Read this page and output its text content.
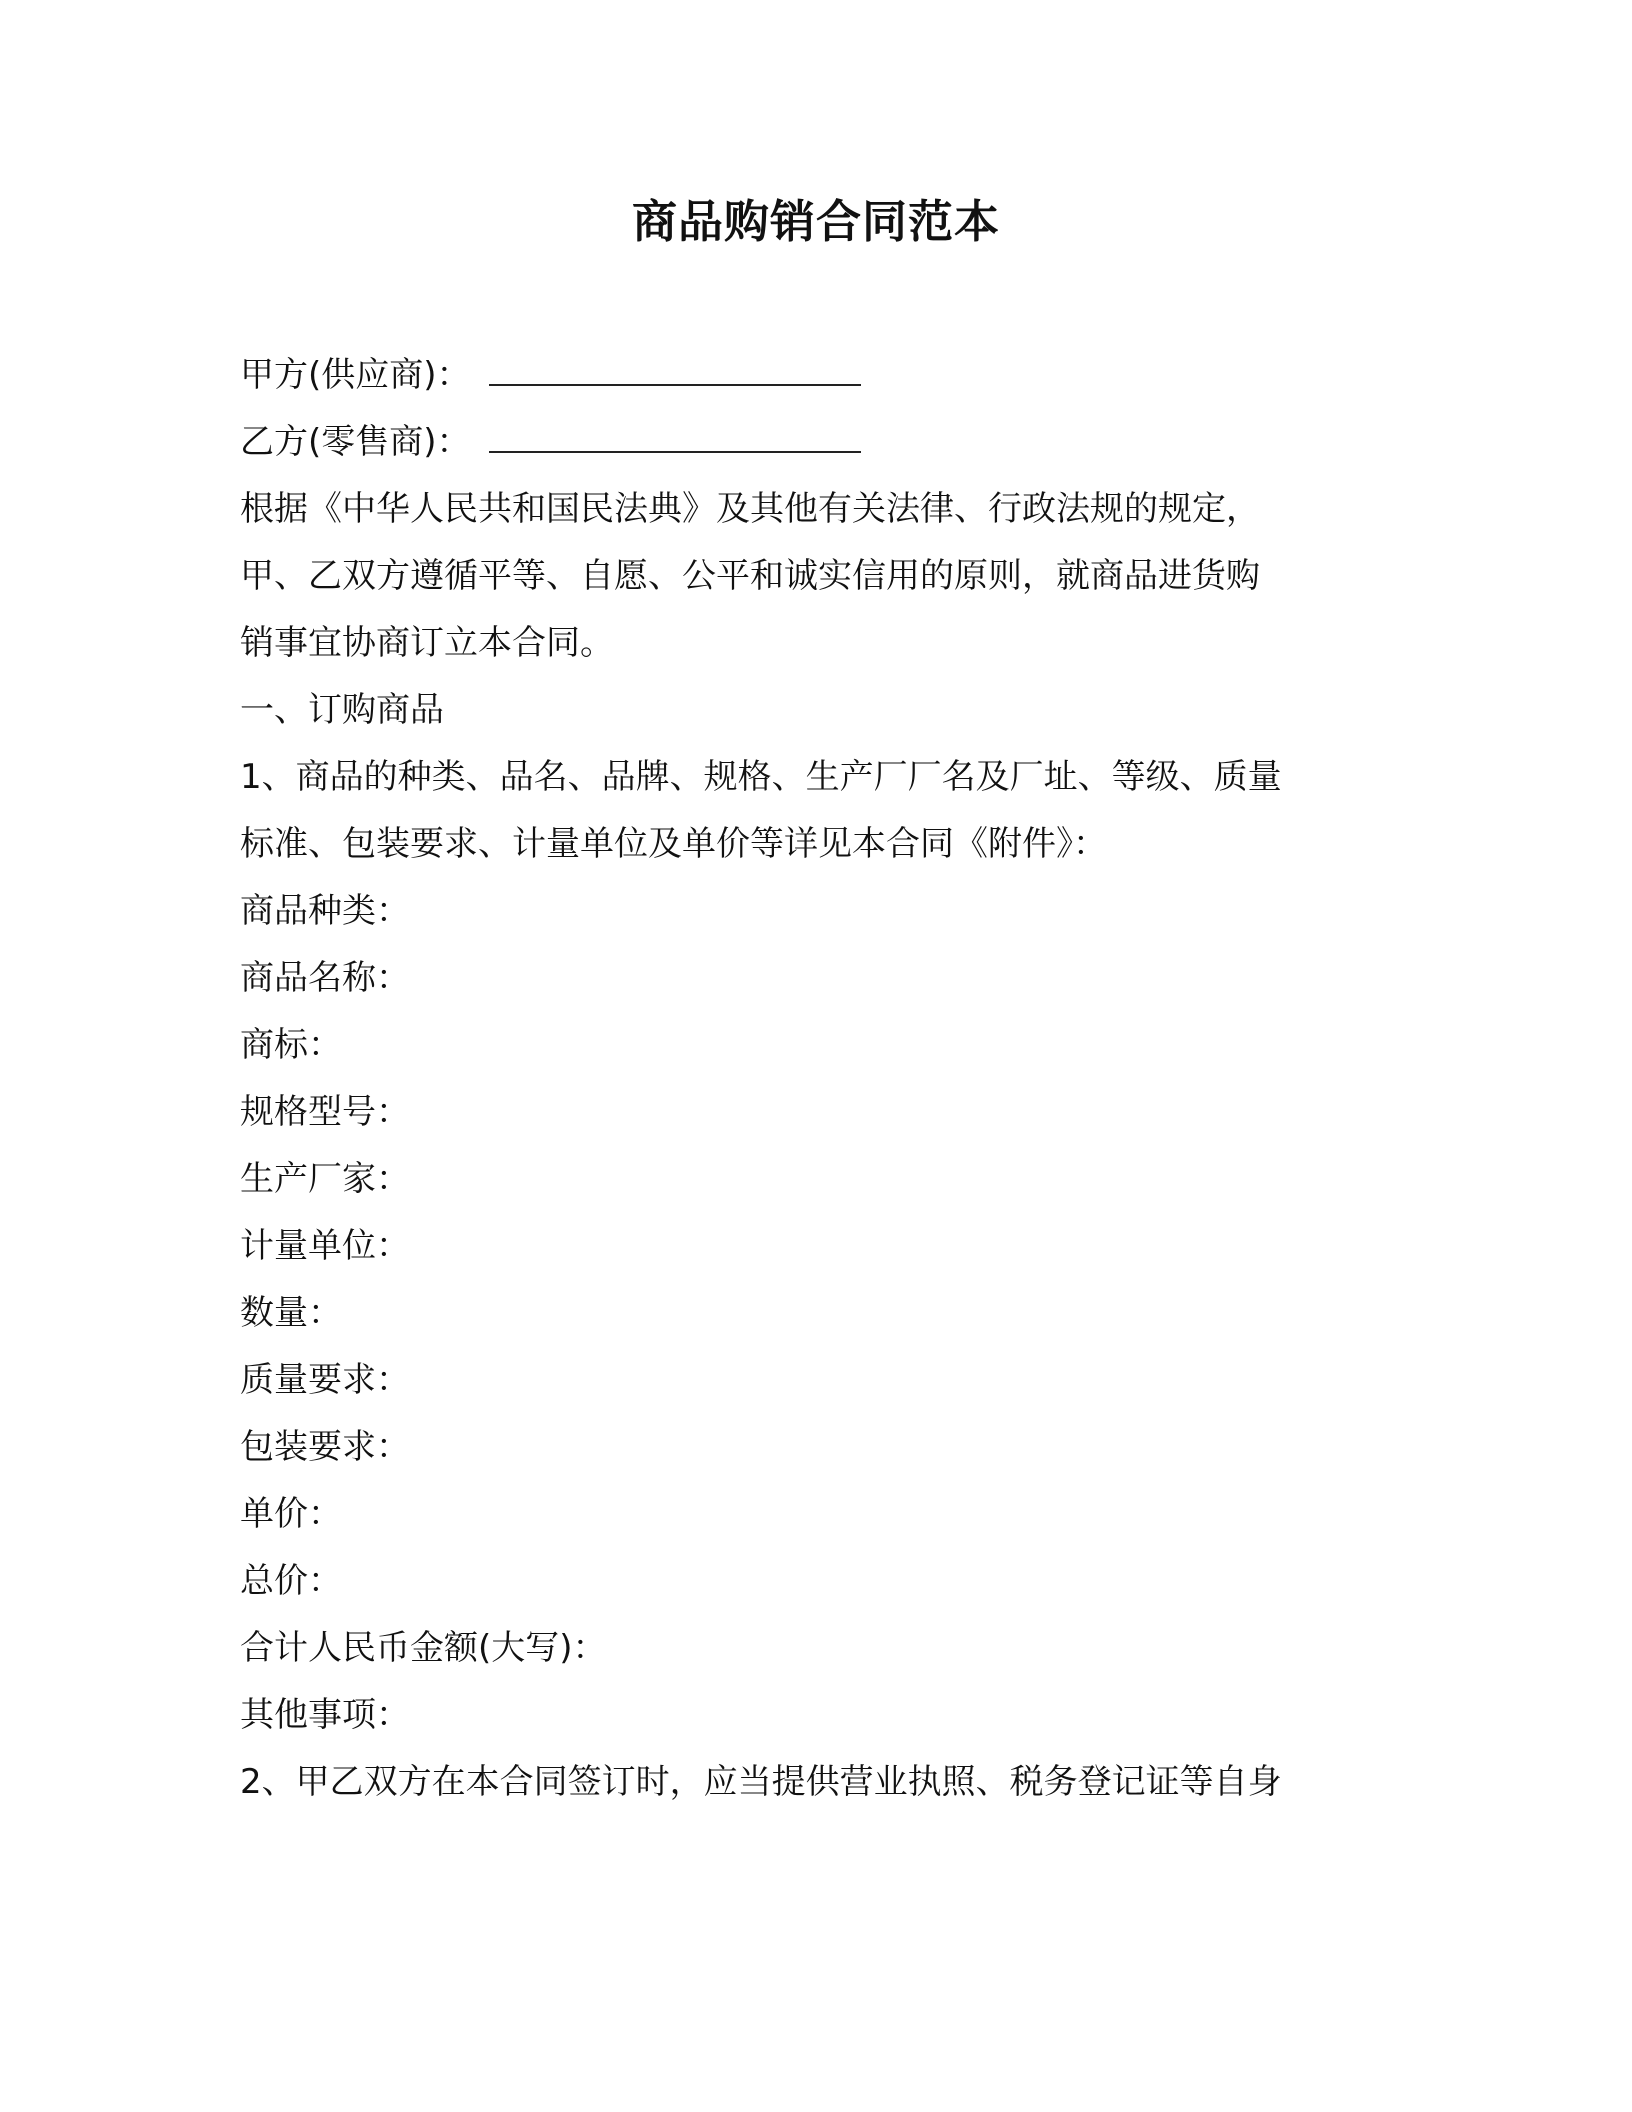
商品购销合同范本
甲方(供应商)：
乙方(零售商)：
根据《中华人民共和国民法典》及其他有关法律、行政法规的规定，
甲、乙双方遵循平等、自愿、公平和诚实信用的原则，就商品进货购
销事宜协商订立本合同。
一、订购商品
1、商品的种类、品名、品牌、规格、生产厂厂名及厂址、等级、质量
标准、包装要求、计量单位及单价等详见本合同《附件》：
商品种类：
商品名称：
商标：
规格型号：
生产厂家：
计量单位：
数量：
质量要求：
包装要求：
单价：
总价：
合计人民币金额(大写)：
其他事项：
2、甲乙双方在本合同签订时，应当提供营业执照、税务登记证等自身
